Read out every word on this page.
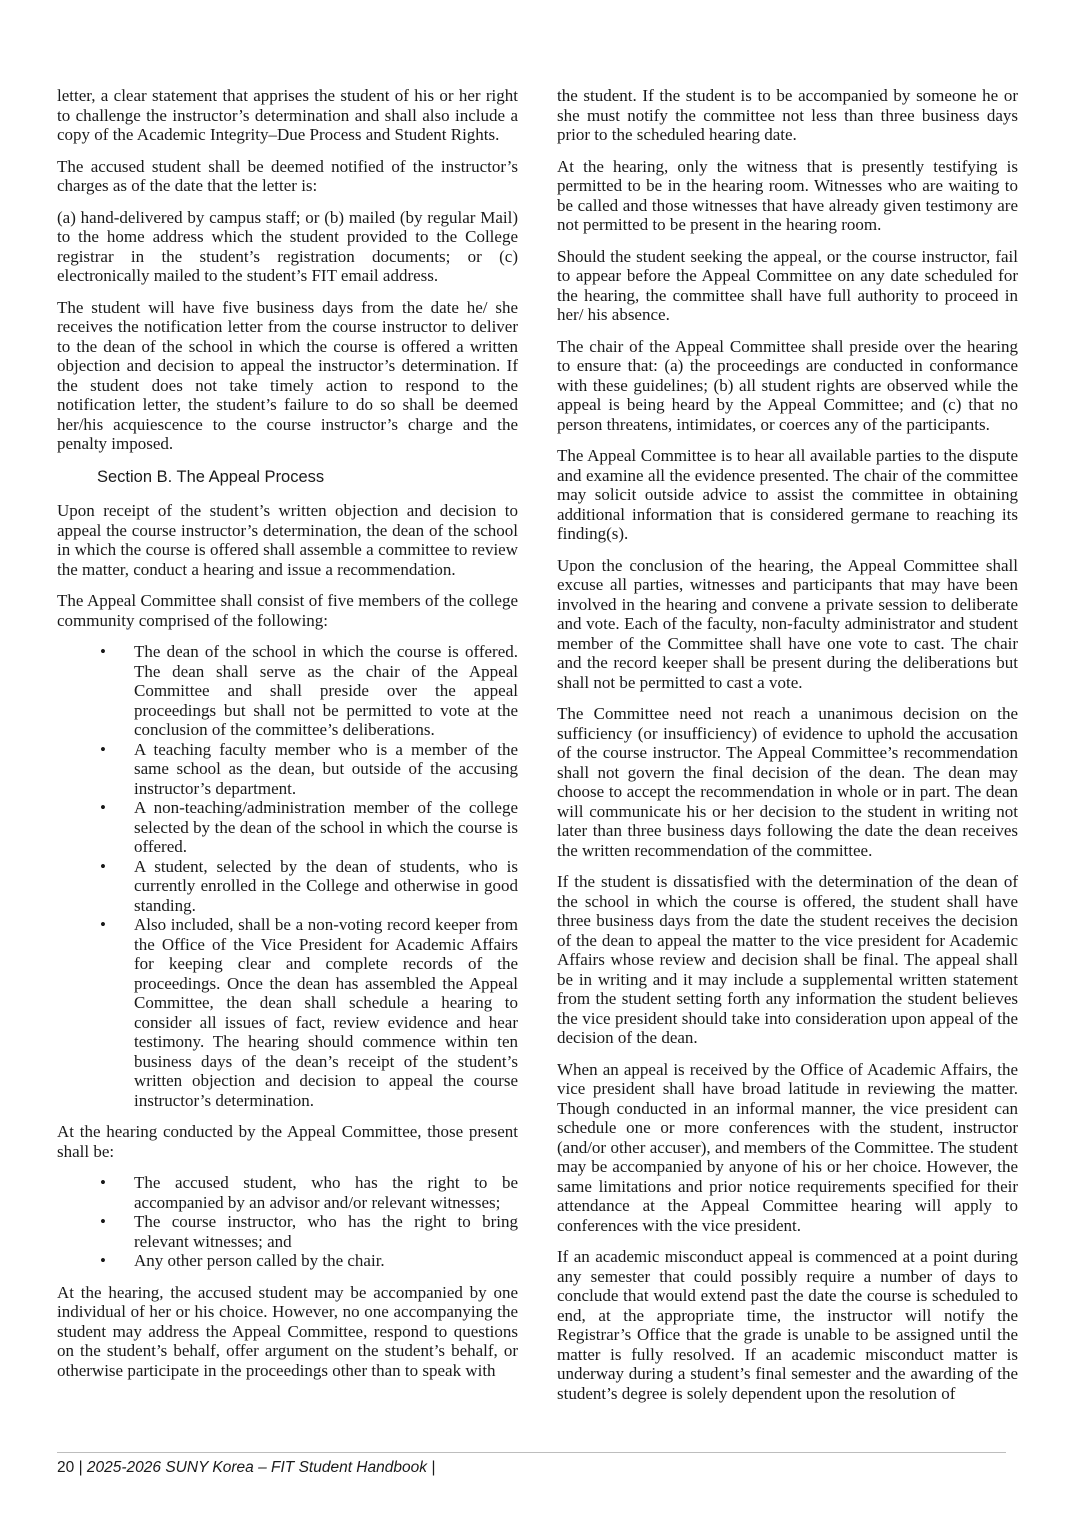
letter, a clear statement that apprises the student of his or her right to challenge the instructor’s determination and shall also include a copy of the Academic Integrity–Due Process and Student Rights.

The accused student shall be deemed notified of the instructor’s charges as of the date that the letter is:

(a) hand-delivered by campus staff; or (b) mailed (by regular Mail) to the home address which the student provided to the College registrar in the student’s registration documents; or (c) electronically mailed to the student’s FIT email address.

The student will have five business days from the date he/ she receives the notification letter from the course instructor to deliver to the dean of the school in which the course is offered a written objection and decision to appeal the instructor’s determination. If the student does not take timely action to respond to the notification letter, the student’s failure to do so shall be deemed her/his acquiescence to the course instructor’s charge and the penalty imposed.

Section B. The Appeal Process

Upon receipt of the student’s written objection and decision to appeal the course instructor’s determination, the dean of the school in which the course is offered shall assemble a committee to review the matter, conduct a hearing and issue a recommendation.

The Appeal Committee shall consist of five members of the college community comprised of the following:

• The dean of the school in which the course is offered. The dean shall serve as the chair of the Appeal Committee and shall preside over the appeal proceedings but shall not be permitted to vote at the conclusion of the committee’s deliberations.
• A teaching faculty member who is a member of the same school as the dean, but outside of the accusing instructor’s department.
• A non-teaching/administration member of the college selected by the dean of the school in which the course is offered.
• A student, selected by the dean of students, who is currently enrolled in the College and otherwise in good standing.
• Also included, shall be a non-voting record keeper from the Office of the Vice President for Academic Affairs for keeping clear and complete records of the proceedings. Once the dean has assembled the Appeal Committee, the dean shall schedule a hearing to consider all issues of fact, review evidence and hear testimony. The hearing should commence within ten business days of the dean’s receipt of the student’s written objection and decision to appeal the course instructor’s determination.

At the hearing conducted by the Appeal Committee, those present shall be:

• The accused student, who has the right to be accompanied by an advisor and/or relevant witnesses;
• The course instructor, who has the right to bring relevant witnesses; and
• Any other person called by the chair.

At the hearing, the accused student may be accompanied by one individual of her or his choice. However, no one accompanying the student may address the Appeal Committee, respond to questions on the student’s behalf, offer argument on the student’s behalf, or otherwise participate in the proceedings other than to speak with

the student. If the student is to be accompanied by someone he or she must notify the committee not less than three business days prior to the scheduled hearing date.

At the hearing, only the witness that is presently testifying is permitted to be in the hearing room. Witnesses who are waiting to be called and those witnesses that have already given testimony are not permitted to be present in the hearing room.

Should the student seeking the appeal, or the course instructor, fail to appear before the Appeal Committee on any date scheduled for the hearing, the committee shall have full authority to proceed in her/ his absence.

The chair of the Appeal Committee shall preside over the hearing to ensure that: (a) the proceedings are conducted in conformance with these guidelines; (b) all student rights are observed while the appeal is being heard by the Appeal Committee; and (c) that no person threatens, intimidates, or coerces any of the participants.

The Appeal Committee is to hear all available parties to the dispute and examine all the evidence presented. The chair of the committee may solicit outside advice to assist the committee in obtaining additional information that is considered germane to reaching its finding(s).

Upon the conclusion of the hearing, the Appeal Committee shall excuse all parties, witnesses and participants that may have been involved in the hearing and convene a private session to deliberate and vote. Each of the faculty, non-faculty administrator and student member of the Committee shall have one vote to cast. The chair and the record keeper shall be present during the deliberations but shall not be permitted to cast a vote.

The Committee need not reach a unanimous decision on the sufficiency (or insufficiency) of evidence to uphold the accusation of the course instructor. The Appeal Committee’s recommendation shall not govern the final decision of the dean. The dean may choose to accept the recommendation in whole or in part. The dean will communicate his or her decision to the student in writing not later than three business days following the date the dean receives the written recommendation of the committee.

If the student is dissatisfied with the determination of the dean of the school in which the course is offered, the student shall have three business days from the date the student receives the decision of the dean to appeal the matter to the vice president for Academic Affairs whose review and decision shall be final. The appeal shall be in writing and it may include a supplemental written statement from the student setting forth any information the student believes the vice president should take into consideration upon appeal of the decision of the dean.

When an appeal is received by the Office of Academic Affairs, the vice president shall have broad latitude in reviewing the matter. Though conducted in an informal manner, the vice president can schedule one or more conferences with the student, instructor (and/or other accuser), and members of the Committee. The student may be accompanied by anyone of his or her choice. However, the same limitations and prior notice requirements specified for their attendance at the Appeal Committee hearing will apply to conferences with the vice president.

If an academic misconduct appeal is commenced at a point during any semester that could possibly require a number of days to conclude that would extend past the date the course is scheduled to end, at the appropriate time, the instructor will notify the Registrar’s Office that the grade is unable to be assigned until the matter is fully resolved. If an academic misconduct matter is underway during a student’s final semester and the awarding of the student’s degree is solely dependent upon the resolution of

20 | 2025-2026 SUNY Korea – FIT Student Handbook |
